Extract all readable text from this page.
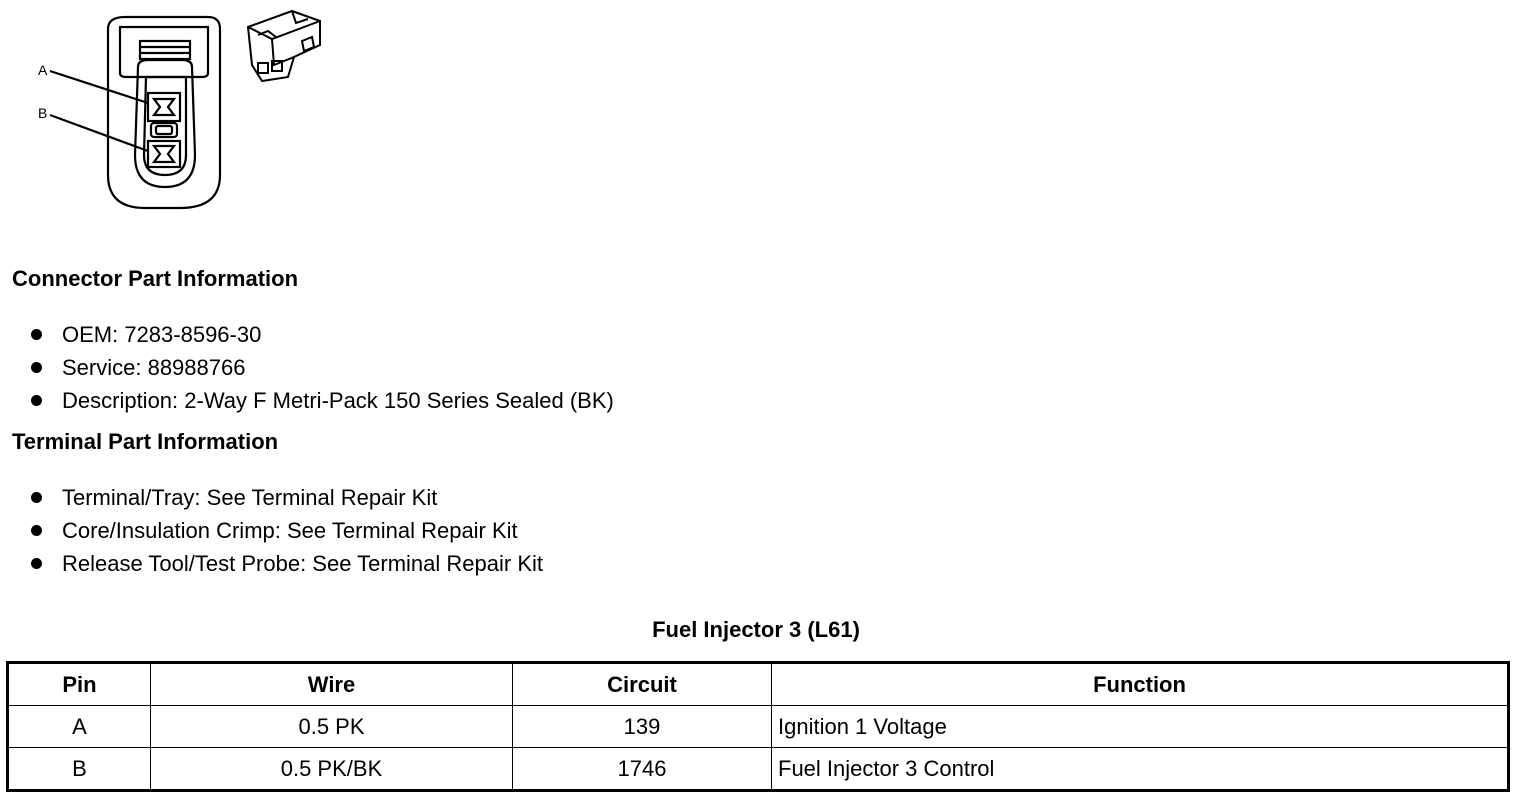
A
B
Connector Part Information
OEM: 7283-8596-30
Service: 88988766
Description: 2-Way F Metri-Pack 150 Series Sealed (BK)
Terminal Part Information
Terminal/Tray: See Terminal Repair Kit
Core/Insulation Crimp: See Terminal Repair Kit
Release Tool/Test Probe: See Terminal Repair Kit
Fuel Injector 3 (L61)
Pin	Wire	Circuit	Function
A	0.5 PK	139	Ignition 1 Voltage
B	0.5 PK/BK	1746	Fuel Injector 3 Control
